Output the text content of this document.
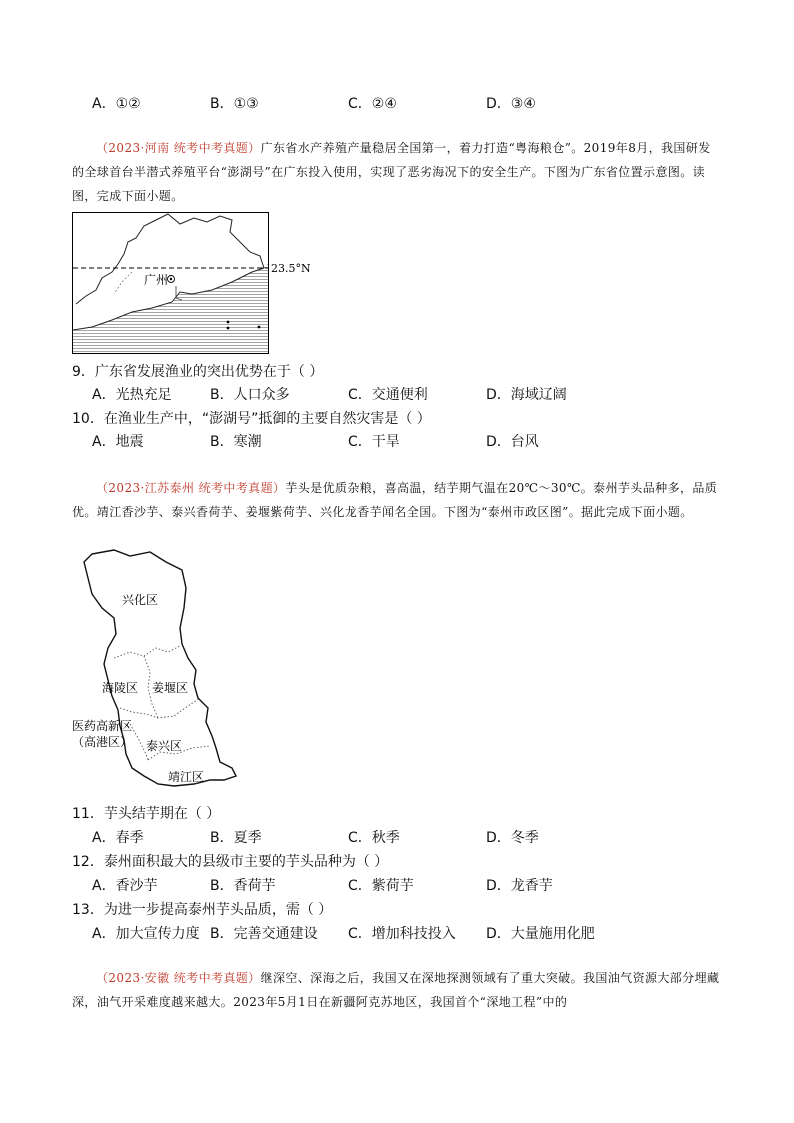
A．①②	B．①③	C．②④	D．③④
（2023·河南 统考中考真题）广东省水产养殖产量稳居全国第一，着力打造“粤海粮仓”。2019年8月，我国研发的全球首台半潜式养殖平台“澎湖号”在广东投入使用，实现了恶劣海况下的安全生产。下图为广东省位置示意图。读图，完成下面小题。
广州
23.5°N
9．广东省发展渔业的突出优势在于（ ）
A．光热充足	B．人口众多	C．交通便利	D．海域辽阔
10．在渔业生产中，“澎湖号”抵御的主要自然灾害是（ ）
A．地震	B．寒潮	C．干旱	D．台风
（2023·江苏泰州 统考中考真题）芋头是优质杂粮，喜高温，结芋期气温在20℃～30℃。泰州芋头品种多，品质优。靖江香沙芋、泰兴香荷芋、姜堰紫荷芋、兴化龙香芋闻名全国。下图为“泰州市政区图”。据此完成下面小题。
兴化区
海陵区 姜堰区
医药高新区
（高港区） 泰兴区
靖江区
11．芋头结芋期在（ ）
A．春季	B．夏季	C．秋季	D．冬季
12．泰州面积最大的县级市主要的芋头品种为（ ）
A．香沙芋	B．香荷芋	C．紫荷芋	D．龙香芋
13．为进一步提高泰州芋头品质，需（ ）
A．加大宣传力度 B．完善交通建设 C．增加科技投入 D．大量施用化肥
（2023·安徽 统考中考真题）继深空、深海之后，我国又在深地探测领域有了重大突破。我国油气资源大部分埋藏深，油气开采难度越来越大。2023年5月1日在新疆阿克苏地区，我国首个“深地工程”中的
